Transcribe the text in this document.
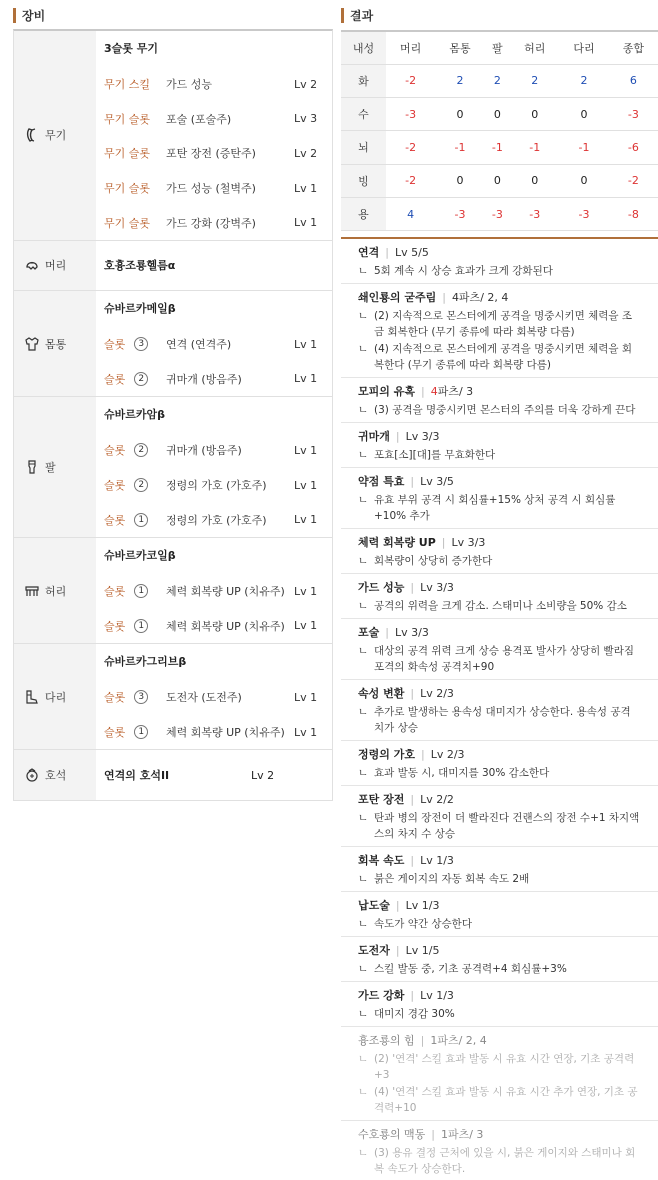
장비	결과
무기
3슬롯 무기
무기 스킬	가드 성능	Lv 2
무기 슬롯	포술 (포술주)	Lv 3
무기 슬롯	포탄 장전 (증탄주)	Lv 2
무기 슬롯	가드 성능 (철벽주)	Lv 1
무기 슬롯	가드 강화 (강벽주)	Lv 1
머리	호흉조룡헬름α
몸통
슈바르카메일β
슬롯	3	연격 (연격주)	Lv 1
슬롯	2	귀마개 (방음주)	Lv 1
팔
슈바르카암β
슬롯	2	귀마개 (방음주)	Lv 1
슬롯	2	정령의 가호 (가호주)	Lv 1
슬롯	1	정령의 가호 (가호주)	Lv 1
허리
슈바르카코일β
슬롯	1	체력 회복량 UP (치유주) Lv 1
슬롯	1	체력 회복량 UP (치유주) Lv 1
다리
슈바르카그리브β
슬롯	3	도전자 (도전주)	Lv 1
슬롯	1	체력 회복량 UP (치유주) Lv 1
호석	연격의 호석II	Lv 2
내성	머리	몸통	팔	허리	다리	종합
화	-2	2	2	2	2	6
수	-3	0	0	0	0	-3
뇌	-2	-1	-1	-1	-1	-6
빙	-2	0	0	0	0	-2
용	4	-3	-3	-3	-3	-8
연격 | Lv 5/5
ㄴ 5회 계속 시 상승 효과가 크게 강화된다
쇄인룡의 굳주림 | 4파츠/ 2, 4
ㄴ (2) 지속적으로 몬스터에게 공격을 명중시키면 체력을 조금 회복한다 (무기 종류에 따라 회복량 다름)
ㄴ (4) 지속적으로 몬스터에게 공격을 명중시키면 체력을 회복한다 (무기 종류에 따라 회복량 다름)
모피의 유혹 | 4파츠/ 3
ㄴ (3) 공격을 명중시키면 몬스터의 주의를 더욱 강하게 끈다
귀마개 | Lv 3/3
ㄴ 포효[소][대]를 무효화한다
약점 특효 | Lv 3/5
ㄴ 유효 부위 공격 시 회심률+15% 상처 공격 시 회심률+10% 추가
체력 회복량 UP | Lv 3/3
ㄴ 회복량이 상당히 증가한다
가드 성능 | Lv 3/3
ㄴ 공격의 위력을 크게 감소. 스태미나 소비량을 50% 감소
포술 | Lv 3/3
ㄴ 대상의 공격 위력 크게 상승 용격포 발사가 상당히 빨라짐 포격의 화속성 공격치+90
속성 변환 | Lv 2/3
ㄴ 추가로 발생하는 용속성 대미지가 상승한다. 용속성 공격치가 상승
정령의 가호 | Lv 2/3
ㄴ 효과 발동 시, 대미지를 30% 감소한다
포탄 장전 | Lv 2/2
ㄴ 탄과 병의 장전이 더 빨라진다 건랜스의 장전 수+1 차지액스의 차지 수 상승
회복 속도 | Lv 1/3
ㄴ 붉은 게이지의 자동 회복 속도 2배
납도술 | Lv 1/3
ㄴ 속도가 약간 상승한다
도전자 | Lv 1/5
ㄴ 스킬 발동 중, 기초 공격력+4 회심률+3%
가드 강화 | Lv 1/3
ㄴ 대미지 경감 30%
흉조룡의 힘 | 1파츠/ 2, 4
ㄴ (2) '연격' 스킬 효과 발동 시 유효 시간 연장, 기초 공격력+3
ㄴ (4) '연격' 스킬 효과 발동 시 유효 시간 추가 연장, 기초 공격력+10
수호룡의 맥동 | 1파츠/ 3
ㄴ (3) 용유 결정 근처에 있을 시, 붉은 게이지와 스태미나 회복 속도가 상승한다.
